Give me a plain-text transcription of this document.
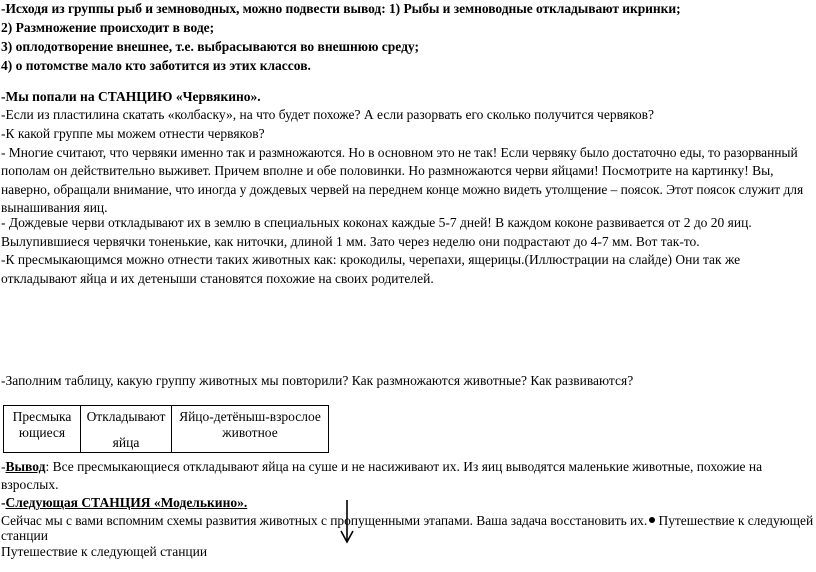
-Исходя из группы рыб и земноводных, можно подвести вывод: 1) Рыбы и земноводные откладывают икринки;
2) Размножение происходит в воде;
3) оплодотворение внешнее, т.е. выбрасываются во внешнюю среду;
4) о потомстве мало кто заботится из этих классов.
-Мы попали на СТАНЦИЮ «Червякино».
-Если из пластилина скатать «колбаску», на что будет похоже? А если разорвать его сколько получится червяков?
-К какой группе мы можем отнести червяков?
- Многие считают, что червяки именно так и размножаются. Но в основном это не так! Если червяку было достаточно еды, то разорванный
пополам он действительно выживет. Причем вполне и обе половинки. Но размножаются черви яйцами! Посмотрите на картинку! Вы,
наверно, обращали внимание, что иногда у дождевых червей на переднем конце можно видеть утолщение – поясок. Этот поясок служит для
вынашивания яиц.
- Дождевые черви откладывают их в землю в специальных коконах каждые 5-7 дней! В каждом коконе развивается от 2 до 20 яиц.
Вылупившиеся червячки тоненькие, как ниточки, длиной 1 мм. Зато через неделю они подрастают до 4-7 мм. Вот так-то.
-К пресмыкающимся можно отнести таких животных как: крокодилы, черепахи, ящерицы.(Иллюстрации на слайде) Они так же
откладывают яйца и их детеныши становятся похожие на своих родителей.
-Заполним таблицу, какую группу животных мы повторили? Как размножаются животные? Как развиваются?
Пресмыка
ющиеся	Откладывают
яйца
	Яйцо-детёныш-взрослое
животное
-Вывод: Все пресмыкающиеся откладывают яйца на суше и не насиживают их. Из яиц выводятся маленькие животные, похожие на
взрослых.
-Следующая СТАНЦИЯ «Моделькино».
Сейчас мы с вами вспомним схемы развития животных с пропущенными этапами. Ваша задача восстановить их. Путешествие к следующей
станции
Путешествие к следующей станции
